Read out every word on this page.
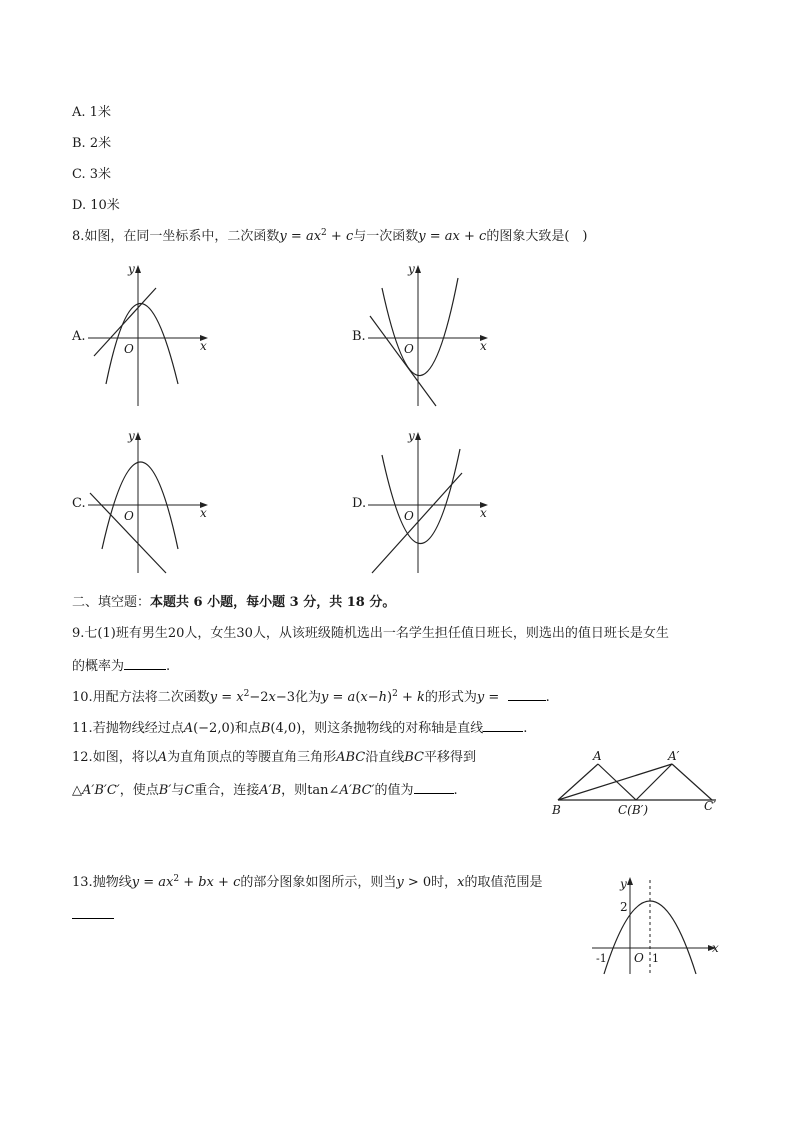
A. 1米
B. 2米
C. 3米
D. 10米
8.如图，在同一坐标系中，二次函数$y = ax^2 + c$与一次函数y = ax + c的图象大致是(　)
A.
y
x
O
B.
y
x
O
C.
y
x
O
D.
y
x
O
二、填空题：本题共 6 小题，每小题 3 分，共 18 分。
9.七(1)班有男生20人，女生30人，从该班级随机选出一名学生担任值日班长，则选出的值日班长是女生
的概率为	.
10.用配方法将二次函数$y = x^2-2x-3$化为$y = a(x-h)^2 + k$的形式为y =	.
11.若抛物线经过点A(−2,0)和点B(4,0)，则这条抛物线的对称轴是直线	.
12.如图，将以A为直角顶点的等腰直角三角形ABC沿直线BC平移得到
△A′B′C′，使点B′与C重合，连接A′B，则tan∠A′BC′的值为	.
A	A′
B	C(B′)	C′
13.抛物线$y = ax^2$ + bx + c的部分图象如图所示，则当y > 0时，x的取值范围是	y
x
O
2
-1	1
